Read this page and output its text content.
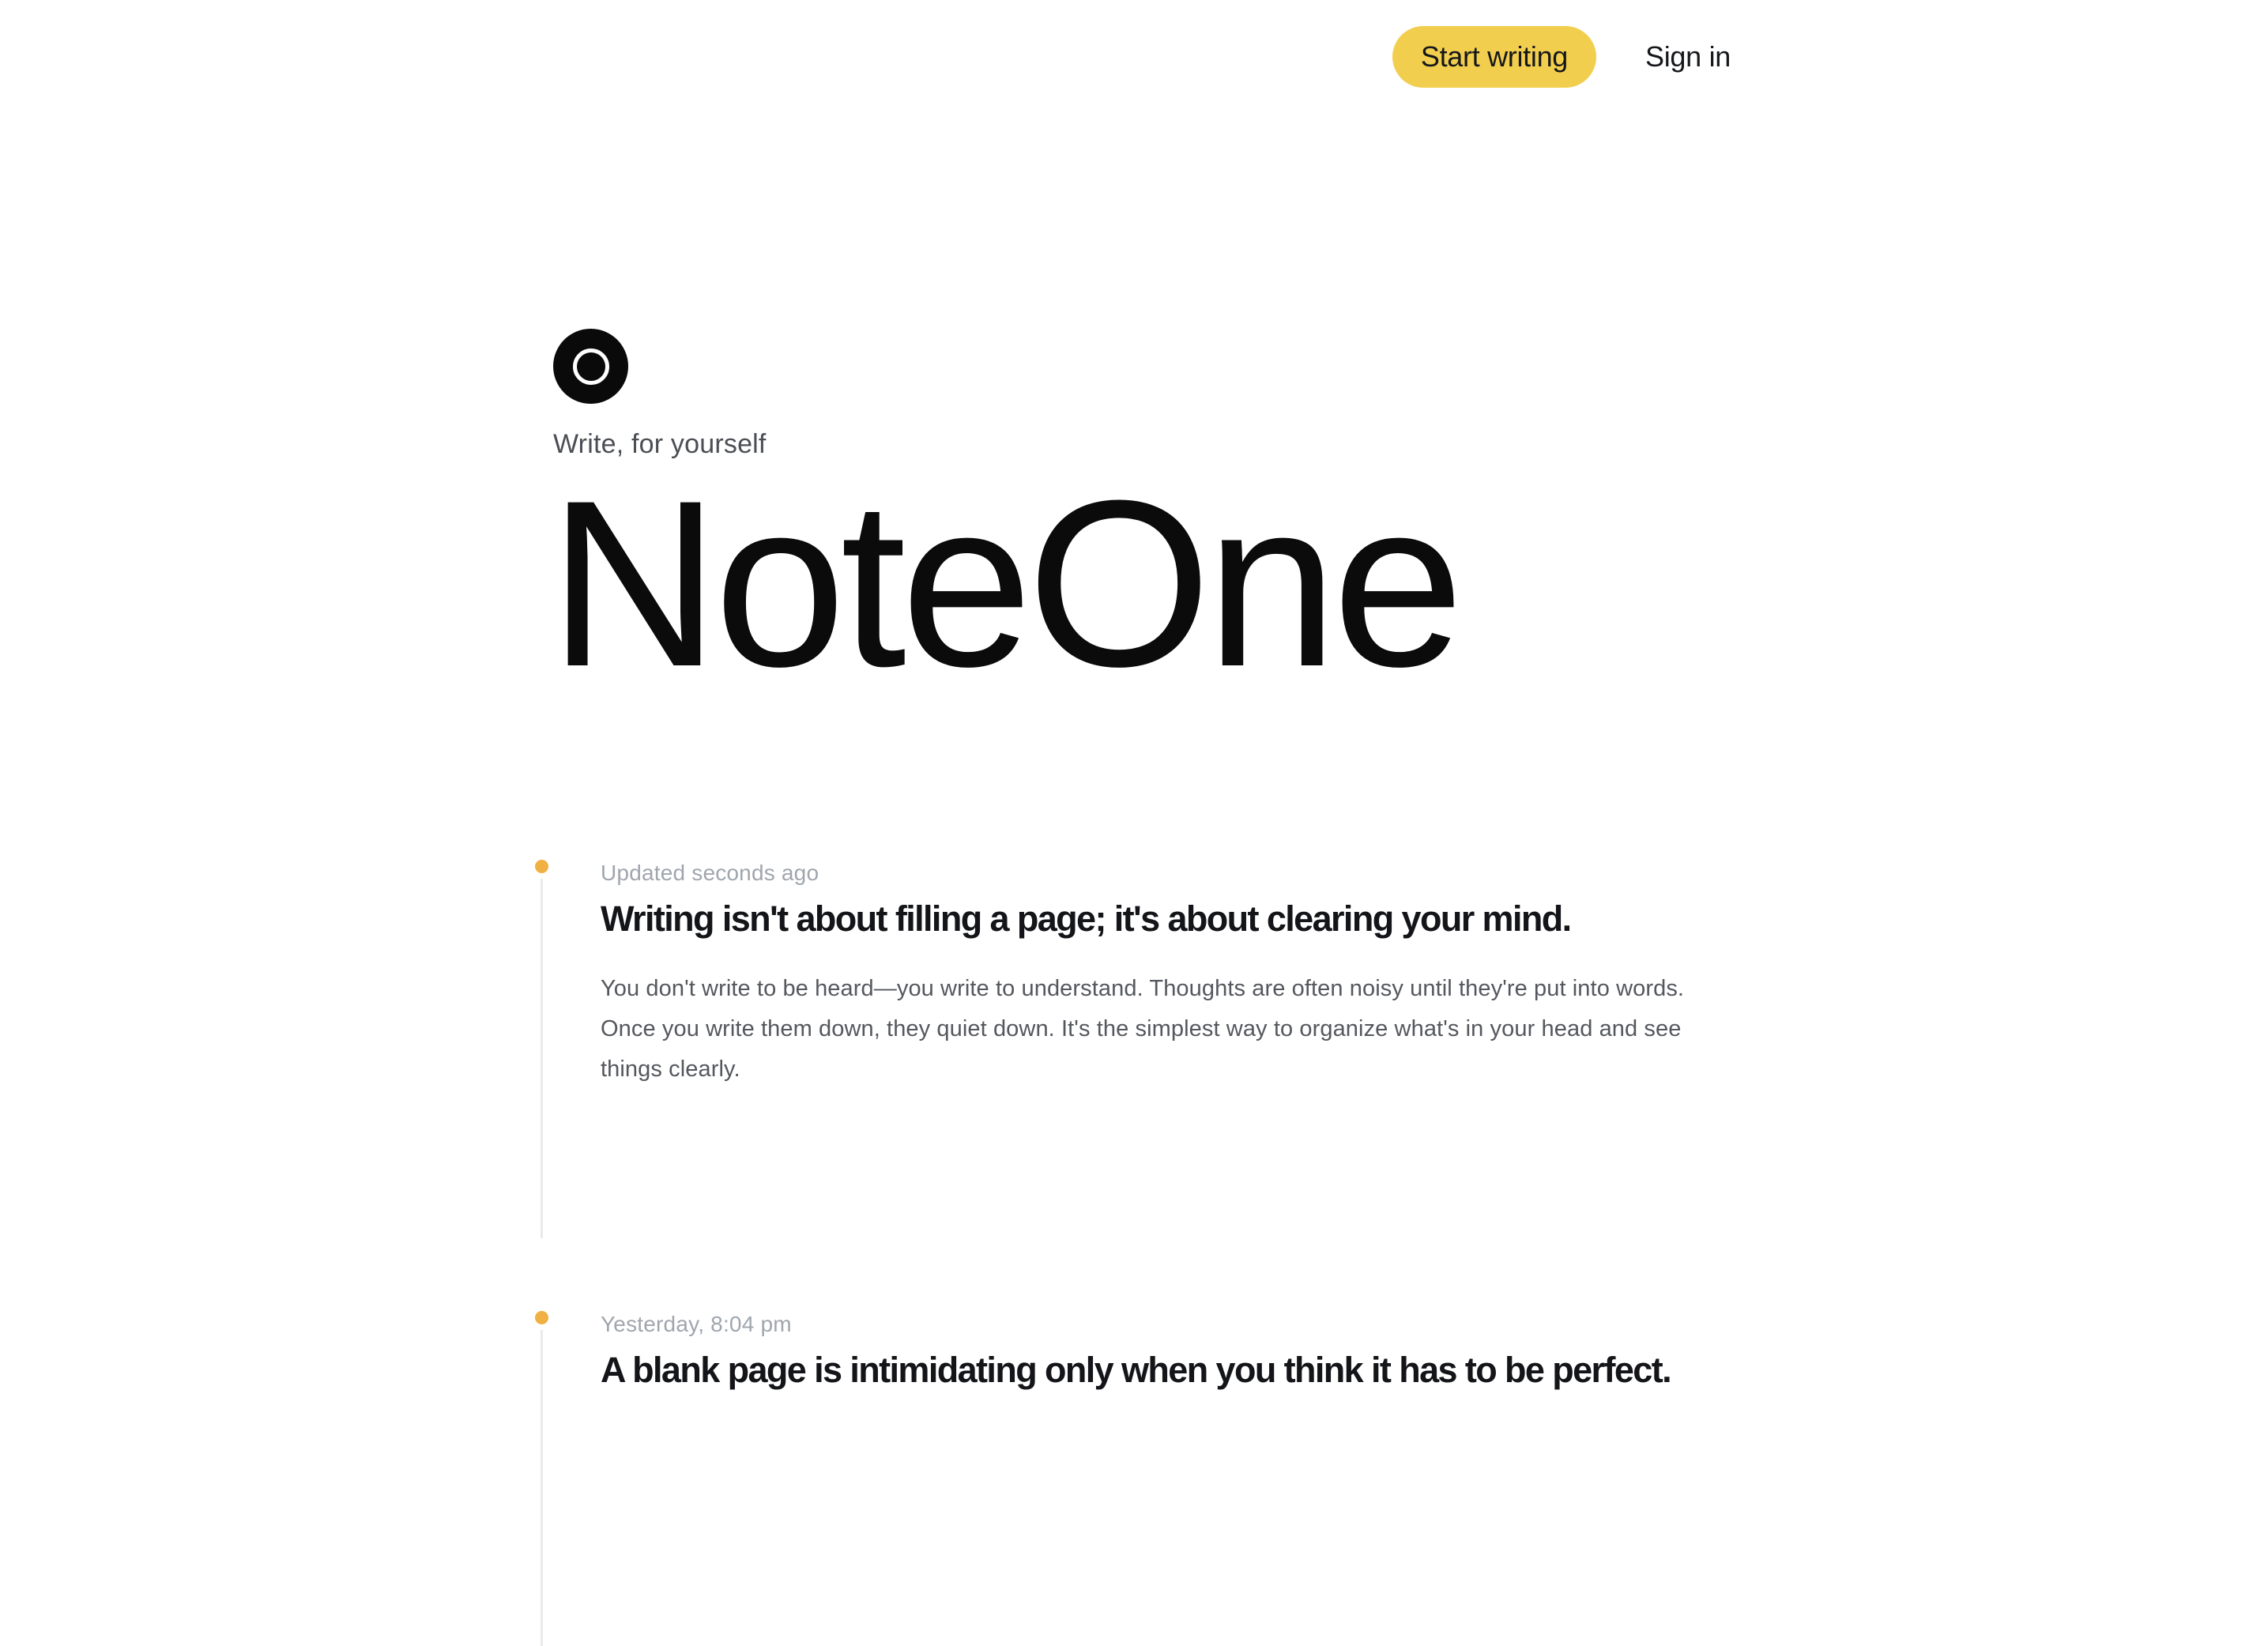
Start writing	Sign in
Write, for yourself
NoteOne
Updated seconds ago
Writing isn't about filling a page; it's about clearing your mind.

You don't write to be heard—you write to understand. Thoughts are often noisy until they're put into words. Once you write them down, they quiet down. It's the simplest way to organize what's in your head and see things clearly.

Yesterday, 8:04 pm
A blank page is intimidating only when you think it has to be perfect.
